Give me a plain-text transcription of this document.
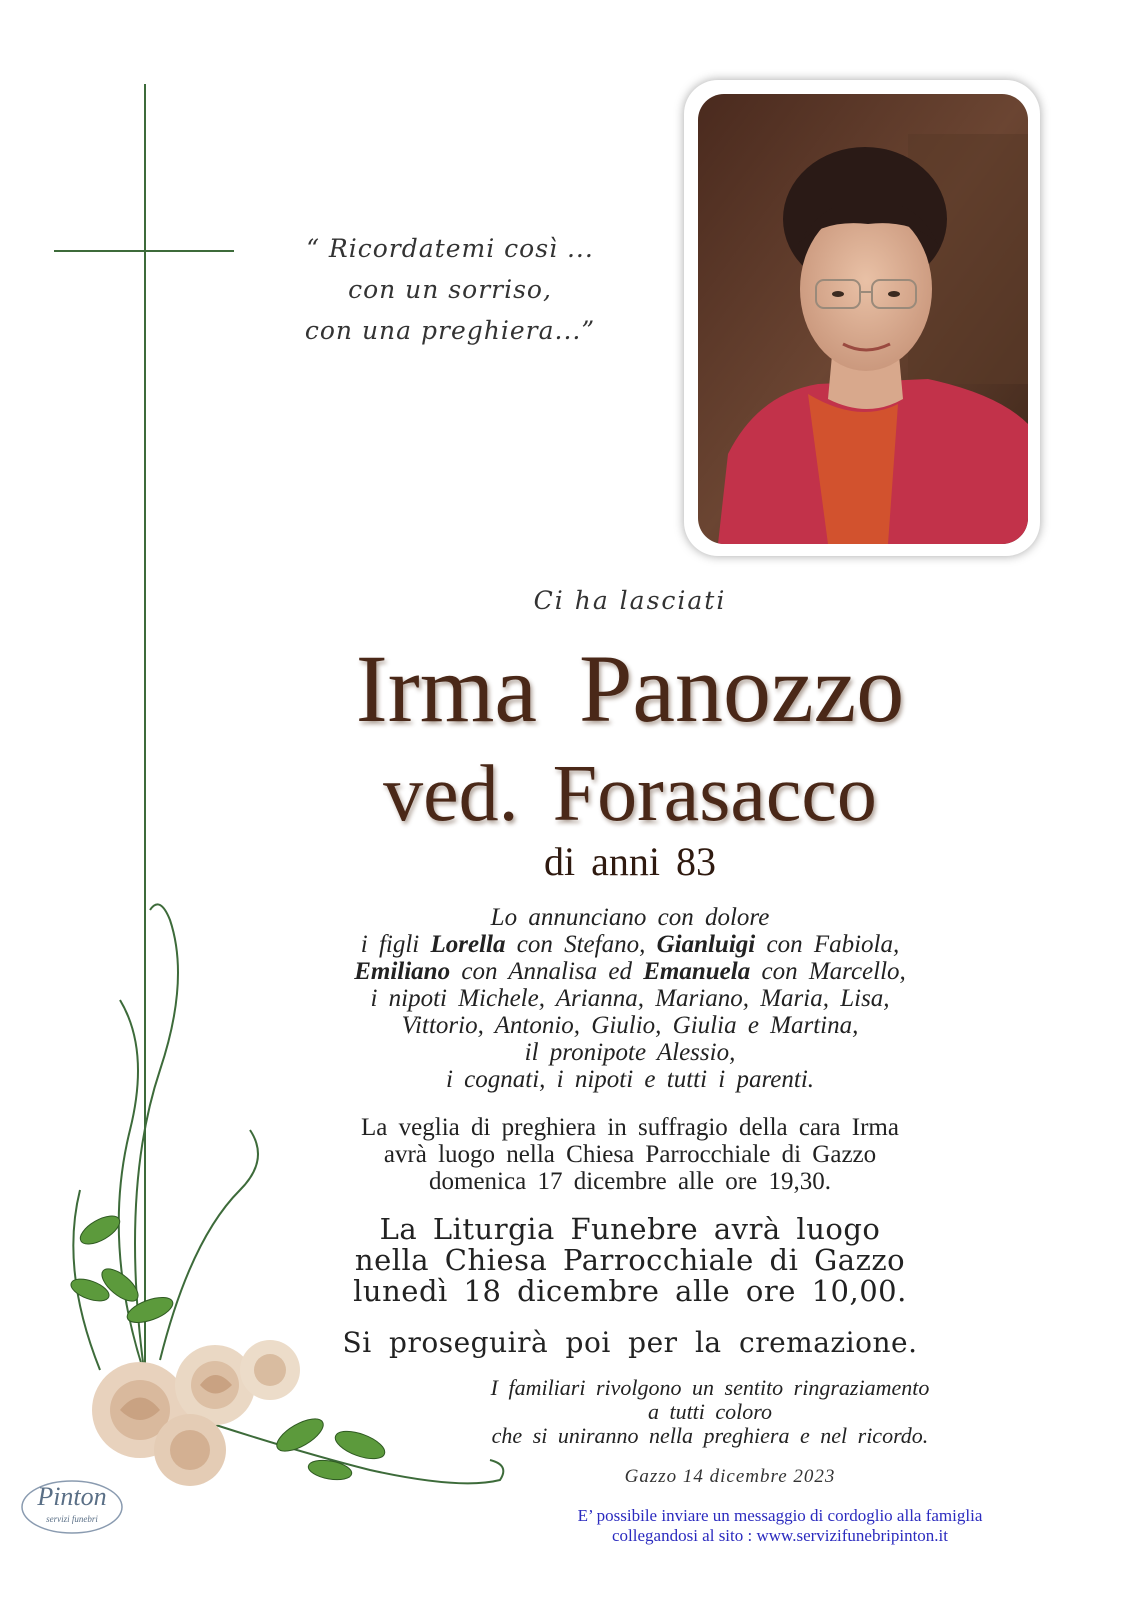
“ Ricordatemi così ...
con un sorriso,
con una preghiera...”
Ci ha lasciati
Irma Panozzo
ved. Forasacco
di anni 83
Lo annunciano con dolore
i figli Lorella con Stefano, Gianluigi con Fabiola,
Emiliano con Annalisa ed Emanuela con Marcello,
i nipoti Michele, Arianna, Mariano, Maria, Lisa,
Vittorio, Antonio, Giulio, Giulia e Martina,
il pronipote Alessio,
i cognati, i nipoti e tutti i parenti.
La veglia di preghiera in suffragio della cara Irma
avrà luogo nella Chiesa Parrocchiale di Gazzo
domenica 17 dicembre alle ore 19,30.
La Liturgia Funebre avrà luogo
nella Chiesa Parrocchiale di Gazzo
lunedì 18 dicembre alle ore 10,00.
Si proseguirà poi per la cremazione.
I familiari rivolgono un sentito ringraziamento
a tutti coloro
che si uniranno nella preghiera e nel ricordo.
Gazzo 14 dicembre 2023
E’ possibile inviare un messaggio di cordoglio alla famiglia
collegandosi al sito : www.servizifunebripinton.it
Pinton
servizi funebri
